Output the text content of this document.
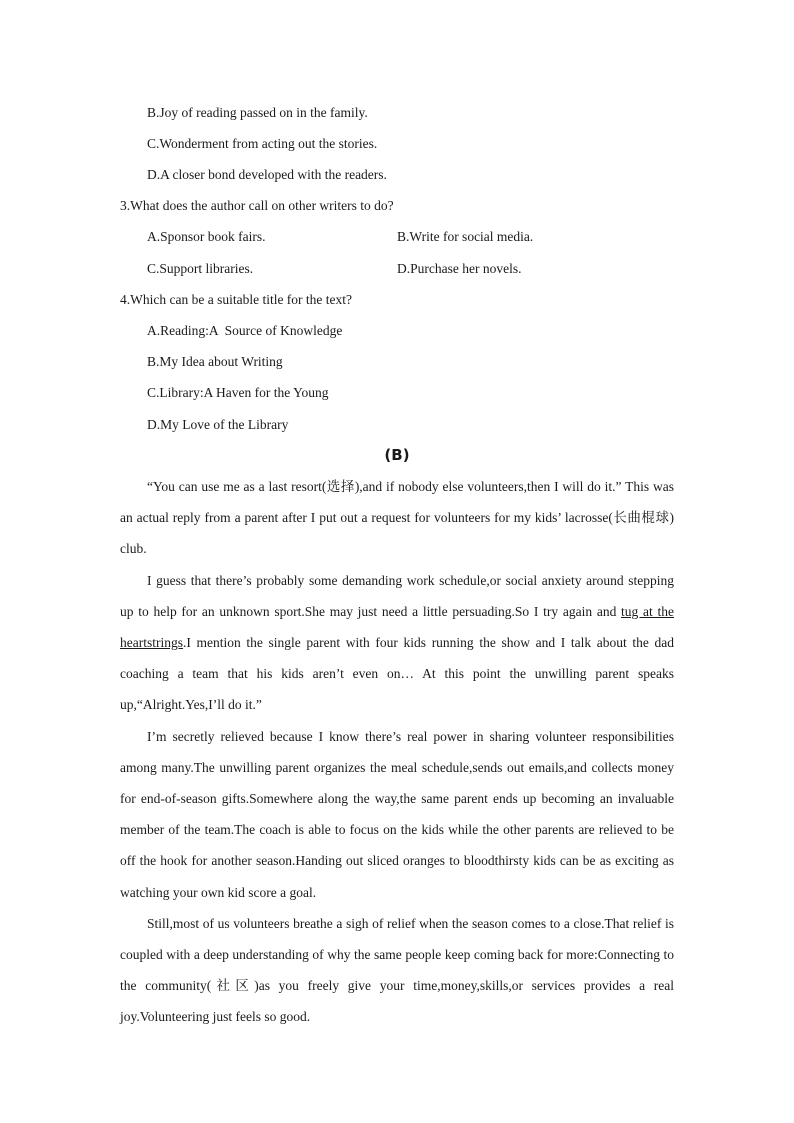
B.Joy of reading passed on in the family.
C.Wonderment from acting out the stories.
D.A closer bond developed with the readers.
3.What does the author call on other writers to do?
A.Sponsor book fairs.	B.Write for social media.
C.Support libraries.	D.Purchase her novels.
4.Which can be a suitable title for the text?
A.Reading:A  Source of Knowledge
B.My Idea about Writing
C.Library:A Haven for the Young
D.My Love of the Library
(B)

“You can use me as a last resort(选择),and if nobody else volunteers,then I will do it.” This was an actual reply from a parent after I put out a request for volunteers for my kids’ lacrosse(长曲棍球) club.

I guess that there’s probably some demanding work schedule,or social anxiety around stepping up to help for an unknown sport.She may just need a little persuading.So I try again and tug at the heartstrings.I mention the single parent with four kids running the show and I talk about the dad coaching a team that his kids aren’t even on… At this point the unwilling parent speaks up,“Alright.Yes,I’ll do it.”

I’m secretly relieved because I know there’s real power in sharing volunteer responsibilities among many.The unwilling parent organizes the meal schedule,sends out emails,and collects money for end-of-season gifts.Somewhere along the way,the same parent ends up becoming an invaluable member of the team.The coach is able to focus on the kids while the other parents are relieved to be off the hook for another season.Handing out sliced oranges to bloodthirsty kids can be as exciting as watching your own kid score a goal.

Still,most of us volunteers breathe a sigh of relief when the season comes to a close.That relief is coupled with a deep understanding of why the same people keep coming back for more:Connecting to the community(社区)as you freely give your time,money,skills,or services provides a real joy.Volunteering just feels so good.
